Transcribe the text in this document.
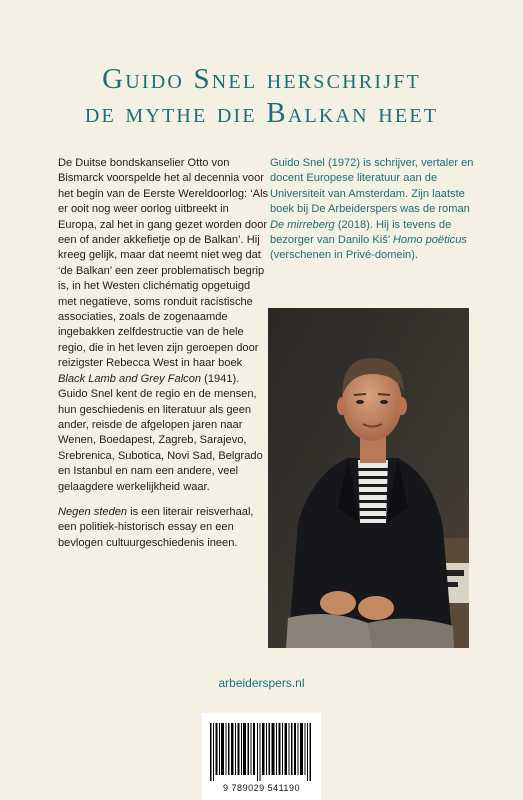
Guido Snel herschrijft
de mythe die Balkan heet

De Duitse bondskanselier Otto von Bismarck voorspelde het al decennia voor het begin van de Eerste Wereldoorlog: ‘Als er ooit nog weer oorlog uitbreekt in Europa, zal het in gang gezet worden door een of ander akkefietje op de Balkan’. Hij kreeg gelijk, maar dat neemt niet weg dat ‘de Balkan’ een zeer problematisch begrip is, in het Westen clichématig opgetuigd met negatieve, soms ronduit racistische associaties, zoals de zogenaamde ingebakken zelfdestructie van de hele regio, die in het leven zijn geroepen door reizigster Rebecca West in haar boek Black Lamb and Grey Falcon (1941).
Guido Snel kent de regio en de mensen, hun geschiedenis en literatuur als geen ander, reisde de afgelopen jaren naar Wenen, Boedapest, Zagreb, Sarajevo, Srebrenica, Subotica, Novi Sad, Belgrado en Istanbul en nam een andere, veel gelaagdere werkelijkheid waar.

Negen steden is een literair reisverhaal, een politiek-historisch essay en een bevlogen cultuurgeschiedenis ineen.

Guido Snel (1972) is schrijver, vertaler en docent Europese literatuur aan de Universiteit van Amsterdam. Zijn laatste boek bij De Arbeiderspers was de roman De mirreberg (2018). Hij is tevens de bezorger van Danilo Kiš’ Homo poëticus (verschenen in Privé-domein).
arbeiderspers.nl
9 789029 541190
